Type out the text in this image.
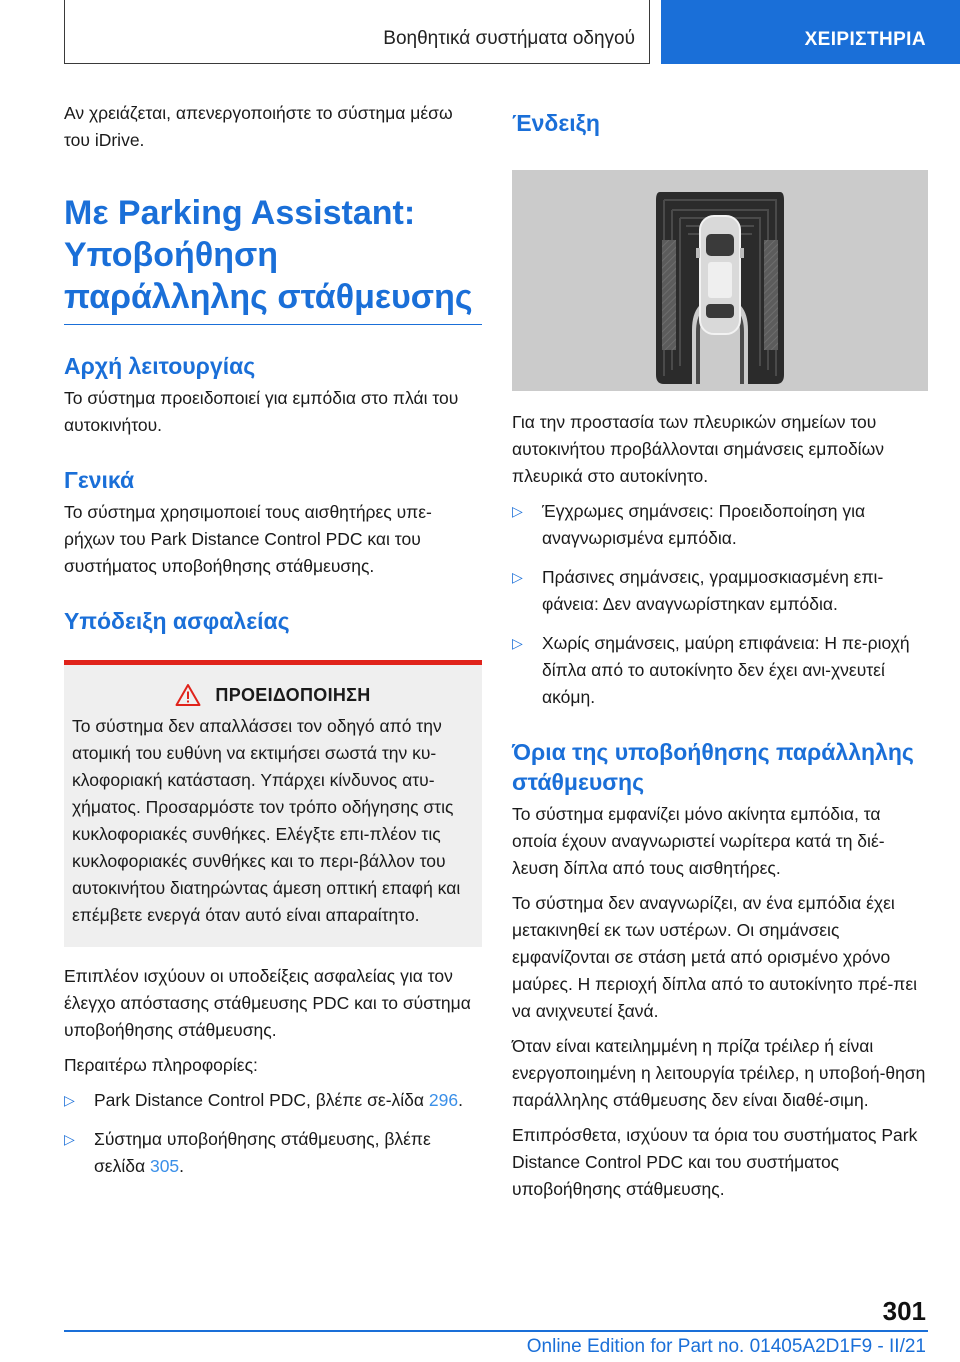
Βοηθητικά συστήματα οδηγού	ΧΕΙΡΙΣΤΗΡΙΑ

Αν χρειάζεται, απενεργοποιήστε το σύστημα μέσω του iDrive.

Με Parking Assistant: Υποβοήθηση παράλληλης στάθμευσης
Αρχή λειτουργίας

Το σύστημα προειδοποιεί για εμπόδια στο πλάι του αυτοκινήτου.

Γενικά

Το σύστημα χρησιμοποιεί τους αισθητήρες υπε-ρήχων του Park Distance Control PDC και του συστήματος υποβοήθησης στάθμευσης.

Υπόδειξη ασφαλείας
ΠΡΟΕΙΔΟΠΟΙΗΣΗ

Το σύστημα δεν απαλλάσσει τον οδηγό από την ατομική του ευθύνη να εκτιμήσει σωστά την κυ-κλοφοριακή κατάσταση. Υπάρχει κίνδυνος ατυ-χήματος. Προσαρμόστε τον τρόπο οδήγησης στις κυκλοφοριακές συνθήκες. Ελέγξτε επι-πλέον τις κυκλοφοριακές συνθήκες και το περι-βάλλον του αυτοκινήτου διατηρώντας άμεση οπτική επαφή και επέμβετε ενεργά όταν αυτό είναι απαραίτητο.

Επιπλέον ισχύουν οι υποδείξεις ασφαλείας για τον έλεγχο απόστασης στάθμευσης PDC και το σύστημα υποβοήθησης στάθμευσης.

Περαιτέρω πληροφορίες:

▷ Park Distance Control PDC, βλέπε σε-λίδα 296.
▷ Σύστημα υποβοήθησης στάθμευσης, βλέπε σελίδα 305.
Ένδειξη

Για την προστασία των πλευρικών σημείων του αυτοκινήτου προβάλλονται σημάνσεις εμποδίων πλευρικά στο αυτοκίνητο.

▷ Έγχρωμες σημάνσεις: Προειδοποίηση για αναγνωρισμένα εμπόδια.
▷ Πράσινες σημάνσεις, γραμμοσκιασμένη επι-φάνεια: Δεν αναγνωρίστηκαν εμπόδια.
▷ Χωρίς σημάνσεις, μαύρη επιφάνεια: Η πε-ριοχή δίπλα από το αυτοκίνητο δεν έχει ανι-χνευτεί ακόμη.
Όρια της υποβοήθησης παράλληλης στάθμευσης

Το σύστημα εμφανίζει μόνο ακίνητα εμπόδια, τα οποία έχουν αναγνωριστεί νωρίτερα κατά τη διέ-λευση δίπλα από τους αισθητήρες.

Το σύστημα δεν αναγνωρίζει, αν ένα εμπόδια έχει μετακινηθεί εκ των υστέρων. Οι σημάνσεις εμφανίζονται σε στάση μετά από ορισμένο χρόνο μαύρες. Η περιοχή δίπλα από το αυτοκίνητο πρέ-πει να ανιχνευτεί ξανά.

Όταν είναι κατειλημμένη η πρίζα τρέιλερ ή είναι ενεργοποιημένη η λειτουργία τρέιλερ, η υποβοή-θηση παράλληλης στάθμευσης δεν είναι διαθέ-σιμη.

Επιπρόσθετα, ισχύουν τα όρια του συστήματος Park Distance Control PDC και του συστήματος υποβοήθησης στάθμευσης.

301
Online Edition for Part no. 01405A2D1F9 - II/21
